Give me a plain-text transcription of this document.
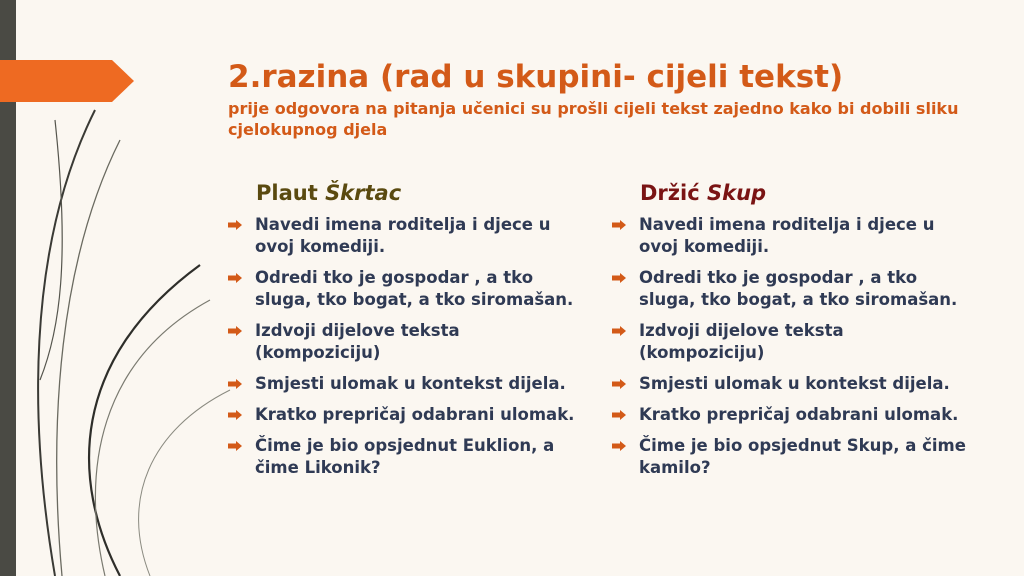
2.razina (rad u skupini- cijeli tekst)

prije odgovora na pitanja učenici su prošli cijeli tekst zajedno kako bi dobili sliku cjelokupnog djela

Plaut Škrtac
Navedi imena roditelja i djece u ovoj komediji.
Odredi tko je gospodar , a tko sluga, tko bogat, a tko siromašan.
Izdvoji dijelove teksta (kompoziciju)
Smjesti ulomak u kontekst dijela.
Kratko prepričaj odabrani ulomak.
Čime je bio opsjednut Euklion, a čime Likonik?
Držić Skup
Navedi imena roditelja i djece u ovoj komediji.
Odredi tko je gospodar , a tko sluga, tko bogat, a tko siromašan.
Izdvoji dijelove teksta (kompoziciju)
Smjesti ulomak u kontekst dijela.
Kratko prepričaj odabrani ulomak.
Čime je bio opsjednut Skup, a čime kamilo?
